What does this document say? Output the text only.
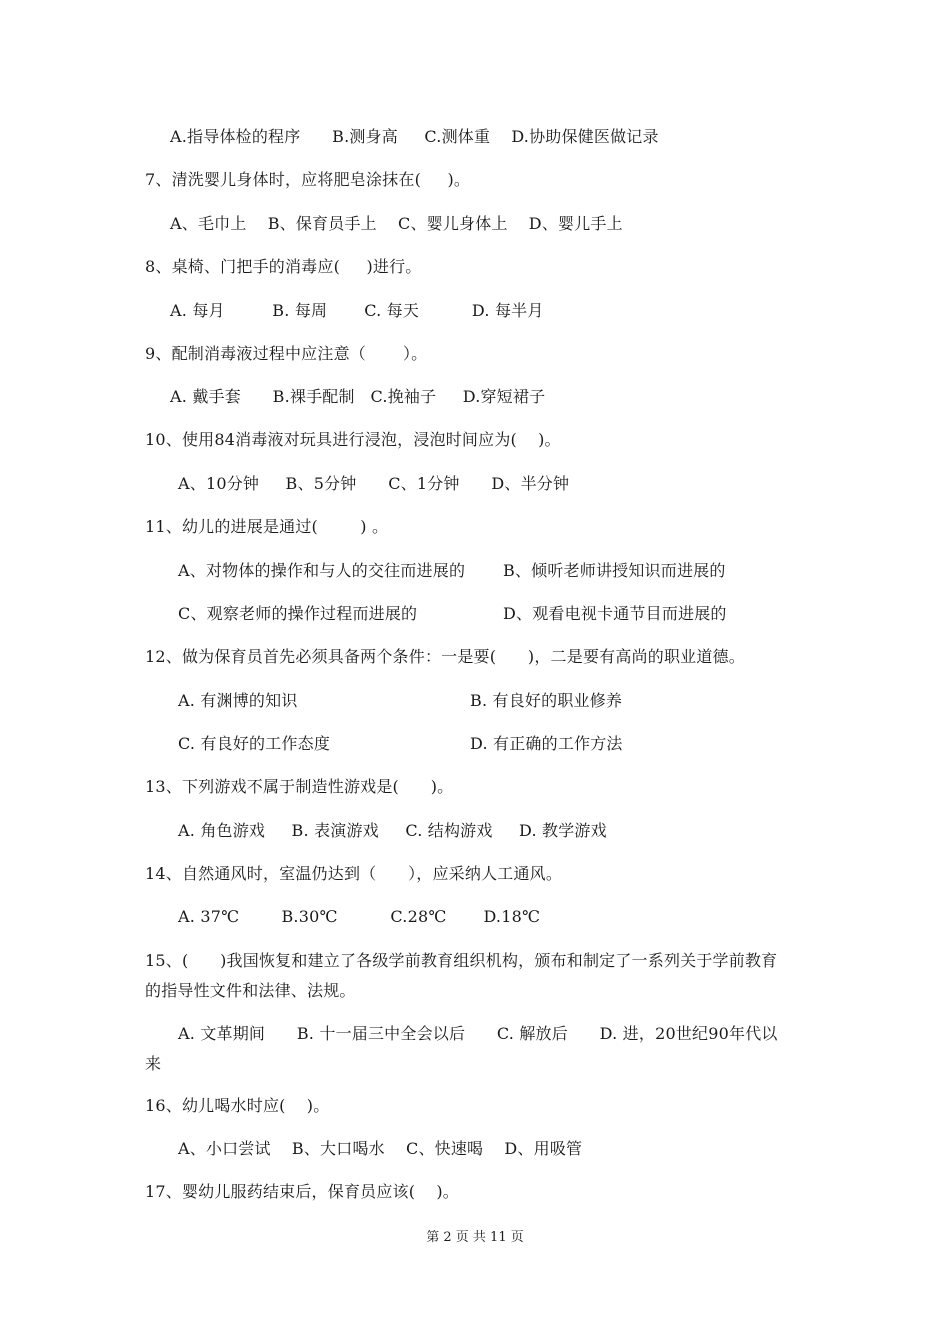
A.指导体检的程序      B.测身高     C.测体重    D.协助保健医做记录
7、清洗婴儿身体时，应将肥皂涂抹在(     )。
A、毛巾上    B、保育员手上    C、婴儿身体上    D、婴儿手上
8、桌椅、门把手的消毒应(     )进行。
A. 每月         B. 每周       C. 每天          D. 每半月
9、配制消毒液过程中应注意（       ）。
A. 戴手套      B.裸手配制   C.挽袖子     D.穿短裙子
10、使用84消毒液对玩具进行浸泡，浸泡时间应为(    )。
A、10分钟     B、5分钟      C、1分钟      D、半分钟
11、幼儿的进展是通过(        ) 。
A、对物体的操作和与人的交往而进展的 B、倾听老师讲授知识而进展的
C、观察老师的操作过程而进展的	D、观看电视卡通节目而进展的
12、做为保育员首先必须具备两个条件：一是要(      )，二是要有高尚的职业道德。
A. 有渊博的知识	B. 有良好的职业修养
C. 有良好的工作态度	D. 有正确的工作方法
13、下列游戏不属于制造性游戏是(      )。
A. 角色游戏     B. 表演游戏     C. 结构游戏     D. 教学游戏
14、自然通风时，室温仍达到（      ），应采纳人工通风。
A. 37℃        B.30℃          C.28℃       D.18℃
15、(      )我国恢复和建立了各级学前教育组织机构，颁布和制定了一系列关于学前教育
的指导性文件和法律、法规。
A. 文革期间      B. 十一届三中全会以后      C. 解放后      D. 进，20世纪90年代以
来
16、幼儿喝水时应(    )。
A、小口尝试    B、大口喝水    C、快速喝    D、用吸管
17、婴幼儿服药结束后，保育员应该(    )。
第 2 页 共 11 页
